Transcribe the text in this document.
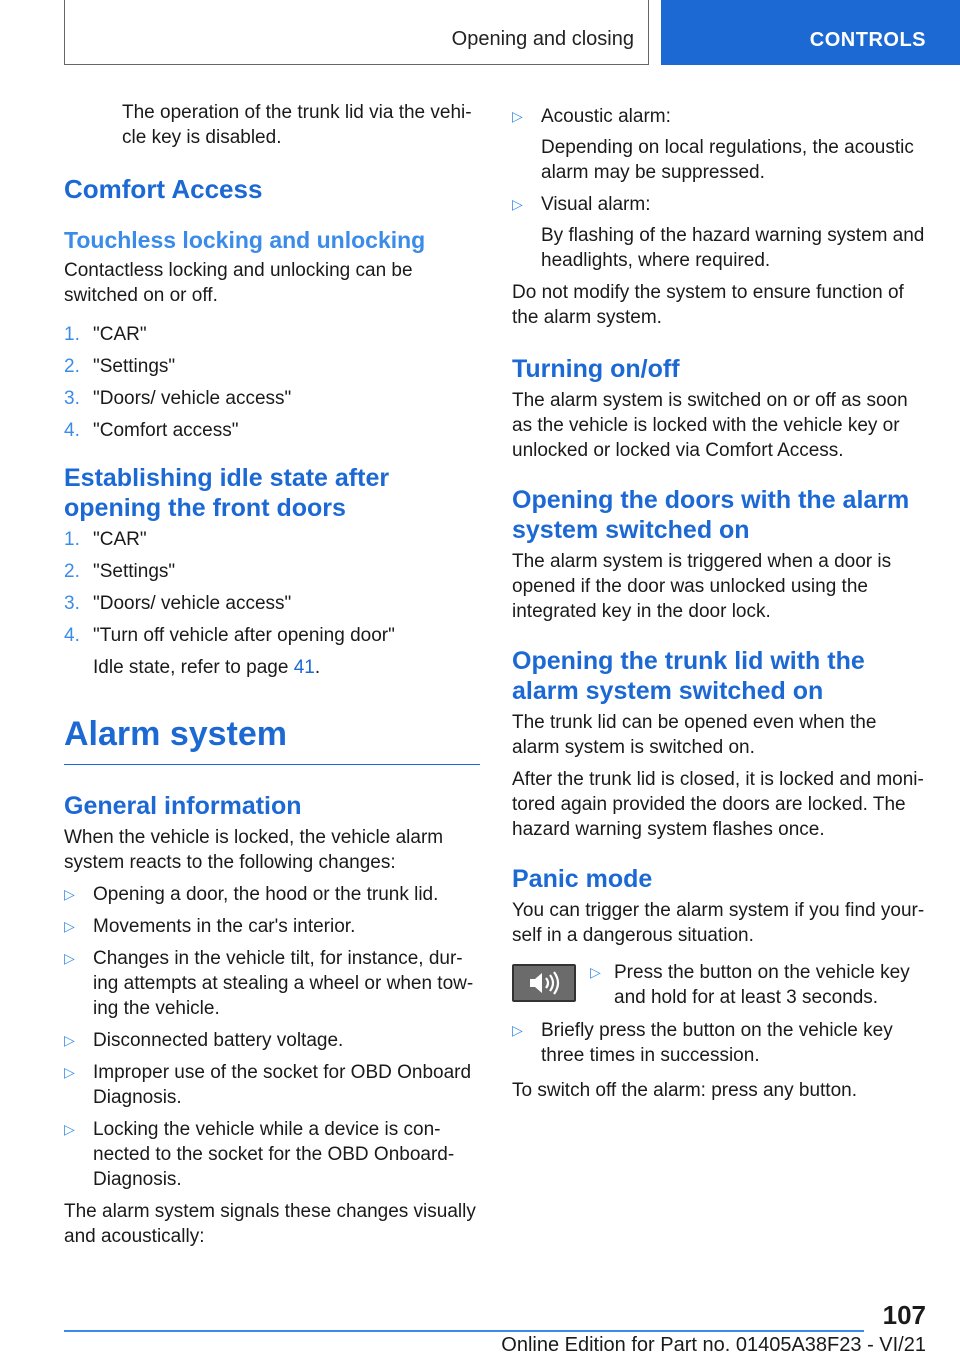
Opening and closing	CONTROLS

The operation of the trunk lid via the vehi-cle key is disabled.

Comfort Access
Touchless locking and unlocking

Contactless locking and unlocking can be switched on or off.

1. "CAR"
2. "Settings"
3. "Doors/ vehicle access"
4. "Comfort access"
Establishing idle state after opening the front doors
1. "CAR"
2. "Settings"
3. "Doors/ vehicle access"
4. "Turn off vehicle after opening door"

Idle state, refer to page 41.

Alarm system
General information

When the vehicle is locked, the vehicle alarm system reacts to the following changes:

▷ Opening a door, the hood or the trunk lid.
▷ Movements in the car's interior.
▷ Changes in the vehicle tilt, for instance, dur-ing attempts at stealing a wheel or when tow-ing the vehicle.
▷ Disconnected battery voltage.
▷ Improper use of the socket for OBD Onboard Diagnosis.
▷ Locking the vehicle while a device is con-nected to the socket for the OBD Onboard-Diagnosis.

The alarm system signals these changes visually and acoustically:

▷ Acoustic alarm:
Depending on local regulations, the acoustic alarm may be suppressed.
▷ Visual alarm:
By flashing of the hazard warning system and headlights, where required.

Do not modify the system to ensure function of the alarm system.

Turning on/off

The alarm system is switched on or off as soon as the vehicle is locked with the vehicle key or unlocked or locked via Comfort Access.

Opening the doors with the alarm system switched on

The alarm system is triggered when a door is opened if the door was unlocked using the integrated key in the door lock.

Opening the trunk lid with the alarm system switched on

The trunk lid can be opened even when the alarm system is switched on.

After the trunk lid is closed, it is locked and moni-tored again provided the doors are locked. The hazard warning system flashes once.

Panic mode

You can trigger the alarm system if you find your-self in a dangerous situation.

▷ Press the button on the vehicle key and hold for at least 3 seconds.
▷ Briefly press the button on the vehicle key three times in succession.

To switch off the alarm: press any button.

107
Online Edition for Part no. 01405A38F23 - VI/21
